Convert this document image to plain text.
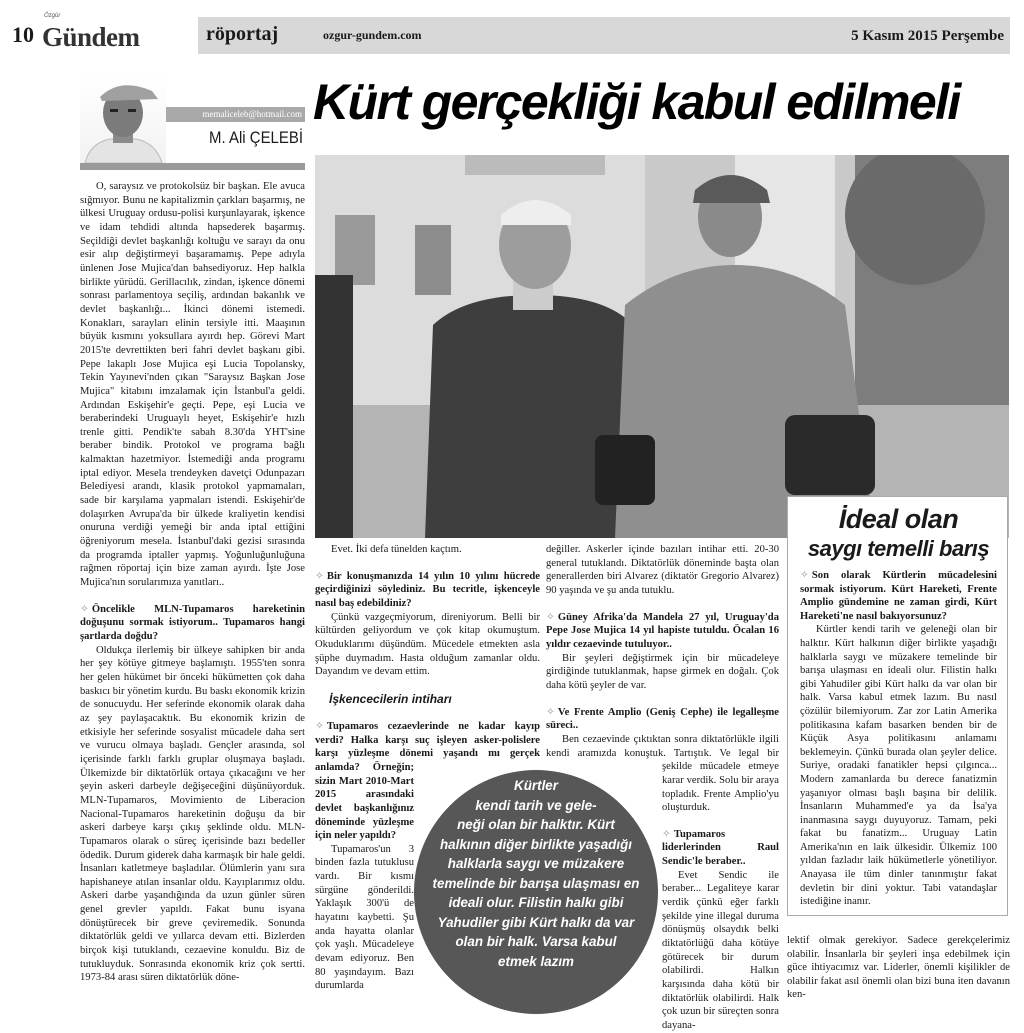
10
Özgür
Gündem	röportaj	ozgur-gundem.com	5 Kasım 2015 Perşembe
memaliceleb@hotmail.com
M. Ali ÇELEBİ
Kürt gerçekliği kabul edilmeli

O, saraysız ve protokolsüz bir başkan. Ele avuca sığmıyor. Bunu ne kapitalizmin çarkları başarmış, ne ülkesi Uruguay ordusu-polisi kurşunlayarak, işkence ve idam tehdidi altında hapsederek başarmış. Seçildiği devlet başkanlığı koltuğu ve sarayı da onu esir alıp değiştirmeyi başaramamış. Pepe adıyla ünlenen Jose Mujica'dan bahsediyoruz. Hep halkla birlikte yürüdü. Gerillacılık, zindan, işkence dönemi sonrası parlamentoya seçiliş, ardından bakanlık ve devlet başkanlığı... İkinci dönemi istemedi. Konakları, sarayları elinin tersiyle itti. Maaşının büyük kısmını yoksullara ayırdı hep. Görevi Mart 2015'te devrettikten beri fahri devlet başkanı gibi. Pepe lakaplı Jose Mujica eşi Lucia Topolansky, Tekin Yayınevi'nden çıkan "Saraysız Başkan Jose Mujica" kitabını imzalamak için İstanbul'a geldi. Ardından Eskişehir'e geçti. Pepe, eşi Lucia ve beraberindeki Uruguaylı heyet, Eskişehir'e hızlı trenle gitti. Pendik'te sabah 8.30'da YHT'sine beraber bindik. Protokol ve programa bağlı kalmaktan hazetmiyor. İstemediği anda programı iptal ediyor. Mesela trendeyken davetçi Odunpazarı Belediyesi arandı, klasik protokol yapmamaları, sade bir karşılama yapmaları istendi. Eskişehir'de dolaşırken Avrupa'da bir ülkede kraliyetin kendisi onuruna verdiği yemeği bir anda iptal ettiğini öğreniyorum mesela. İstanbul'daki gezisi sırasında da programda iptaller yapmış. Yoğunluğunluğuna rağmen röportaj için bize zaman ayırdı. İşte Jose Mujica'nın sorularımıza yanıtları..

✧ Öncelikle MLN-Tupamaros hareketinin doğuşunu sormak istiyorum.. Tupamaros hangi şartlarda doğdu?

Oldukça ilerlemiş bir ülkeye sahipken bir anda her şey kötüye gitmeye başlamıştı. 1955'ten sonra her gelen hükümet bir önceki hükümetten çok daha baskıcı bir yönetim kurdu. Bu baskı ekonomik krizin de sonucuydu. Her seferinde ekonomik olarak daha az şey paylaşacaktık. Bu ekonomik krizin de etkisiyle her seferinde sosyalist mücadele daha sert ve vurucu olmaya başladı. Gençler arasında, sol içerisinde farklı farklı gruplar oluşmaya başladı. Ülkemizde bir diktatörlük ortaya çıkacağını ve her şeyin askeri darbeyle değişeceğini düşünüyorduk. MLN-Tupamaros, Movimiento de Liberacion Nacional-Tupamaros hareketinin doğuşu da bir askeri darbeye karşı çıkış şeklinde oldu. MLN-Tupamaros olarak o süreç içerisinde bazı bedeller ödedik. Durum giderek daha karmaşık bir hale geldi. İnsanları katletmeye başladılar. Ölümlerin yanı sıra hapishaneye atılan insanlar oldu. Kayıplarımız oldu. Askeri darbe yaşandığında da uzun günler süren genel grevler yapıldı. Fakat bunu isyana dönüştürecek bir greve çeviremedik. Sonunda diktatörlük geldi ve yıllarca devam etti. Bizlerden birçok kişi tutuklandı, cezaevine konuldu. Biz de tutukluyduk. Sonrasında ekonomik kriz çok sertti. 1973-84 arası süren diktatörlük döne-

Evet. İki defa tünelden kaçtım.

✧ Bir konuşmanızda 14 yılın 10 yılını hücrede geçirdiğinizi söylediniz. Bu tecritle, işkenceyle nasıl baş edebildiniz?

Çünkü vazgeçmiyorum, direniyorum. Belli bir kültürden geliyordum ve çok kitap okumuştum. Okuduklarımı düşündüm. Mücedele etmekten asla şüphe duymadım. Hasta olduğum zamanlar oldu. Dayandım ve devam ettim.

İşkencecilerin intiharı

✧ Tupamaros cezaevlerinde ne kadar kayıp verdi? Halka karşı suç işleyen asker-polislere karşı yüzleşme dönemi yaşandı mı gerçek anlamda? Örneğin; sizin Mart 2010-Mart 2015 arasındaki devlet başkanlığınız döneminde yüzleşme için neler yapıldı?

Tupamaros'un 3 binden fazla tutuklusu vardı. Bir kısmı sürgüne gönderildi. Yaklaşık 300'ü de hayatını kaybetti. Şu anda hayatta olanlar çok yaşlı. Mücadeleye devam ediyoruz. Ben 80 yaşındayım. Bazı durumlarda

değiller. Askerler içinde bazıları intihar etti. 20-30 general tutuklandı. Diktatörlük döneminde başta olan generallerden biri Alvarez (diktatör Gregorio Alvarez) 90 yaşında ve şu anda tutuklu.

✧ Güney Afrika'da Mandela 27 yıl, Uruguay'da Pepe Jose Mujica 14 yıl hapiste tutuldu. Öcalan 16 yıldır cezaevinde tutuluyor..

Bir şeyleri değiştirmek için bir mücadeleye girdiğinde tutuklanmak, hapse girmek en doğalı. Çok daha kötü şeyler de var.

✧ Ve Frente Amplio (Geniş Cephe) ile legalleşme süreci..

Ben cezaevinde çıktıktan sonra diktatörlükle ilgili kendi aramızda konuştuk. Tartıştık. Ve legal bir şekilde mücadele etmeye karar verdik. Solu bir araya topladık. Frente Amplio'yu oluşturduk.

✧ Tupamaros liderlerinden Raul Sendic'le beraber..

Evet Sendic ile beraber... Legaliteye karar verdik çünkü eğer farklı şekilde yine illegal duruma dönüşmüş olsaydık belki diktatörlüğü daha kötüye götürecek bir durum olabilirdi. Halkın karşısında daha kötü bir diktatörlük olabilirdi. Halk çok uzun bir süreçten sonra dayana-

Kürtler
kendi tarih ve gele-
neği olan bir halktır. Kürt
halkının diğer birlikte yaşadığı
halklarla saygı ve müzakere
temelinde bir barışa ulaşması en
ideali olur. Filistin halkı gibi
Yahudiler gibi Kürt halkı da var
olan bir halk. Varsa kabul
etmek lazım
İdeal olan
saygı temelli barış

✧ Son olarak Kürtlerin mücadelesini sormak istiyorum. Kürt Hareketi, Frente Amplio gündemine ne zaman girdi, Kürt Hareketi'ne nasıl bakıyorsunuz?

Kürtler kendi tarih ve geleneği olan bir halktır. Kürt halkının diğer birlikte yaşadığı halklarla saygı ve müzakere temelinde bir barışa ulaşması en ideali olur. Filistin halkı gibi Yahudiler gibi Kürt halkı da var olan bir halk. Varsa kabul etmek lazım. Bu nasıl çözülür bilemiyorum. Zar zor Latin Amerika politikasına kafam basarken benden bir de Küçük Asya politikasını anlamamı beklemeyin. Çünkü burada olan şeyler delice. Suriye, oradaki fanatikler hepsi çılgınca... Modern zamanlarda bu derece fanatizmin yaşanıyor olması başlı başına bir delilik. İnsanların Muhammed'e ya da İsa'ya inanmasına saygı duyuyoruz. Tamam, peki fakat bu fanatizm... Uruguay Latin Amerika'nın en laik ülkesidir. Ülkemiz 100 yıldan fazladır laik hükümetlerle yönetiliyor. Anayasa ile tüm dinler tanınmıştır fakat devletin bir dini yoktur. Tabi vatandaşlar istediğine inanır.

lektif olmak gerekiyor. Sadece gerekçelerimiz olabilir. İnsanlarla bir şeyleri inşa edebilmek için güce ihtiyacımız var. Liderler, önemli kişilikler de olabilir fakat asıl önemli olan bizi buna iten davanın ken-
